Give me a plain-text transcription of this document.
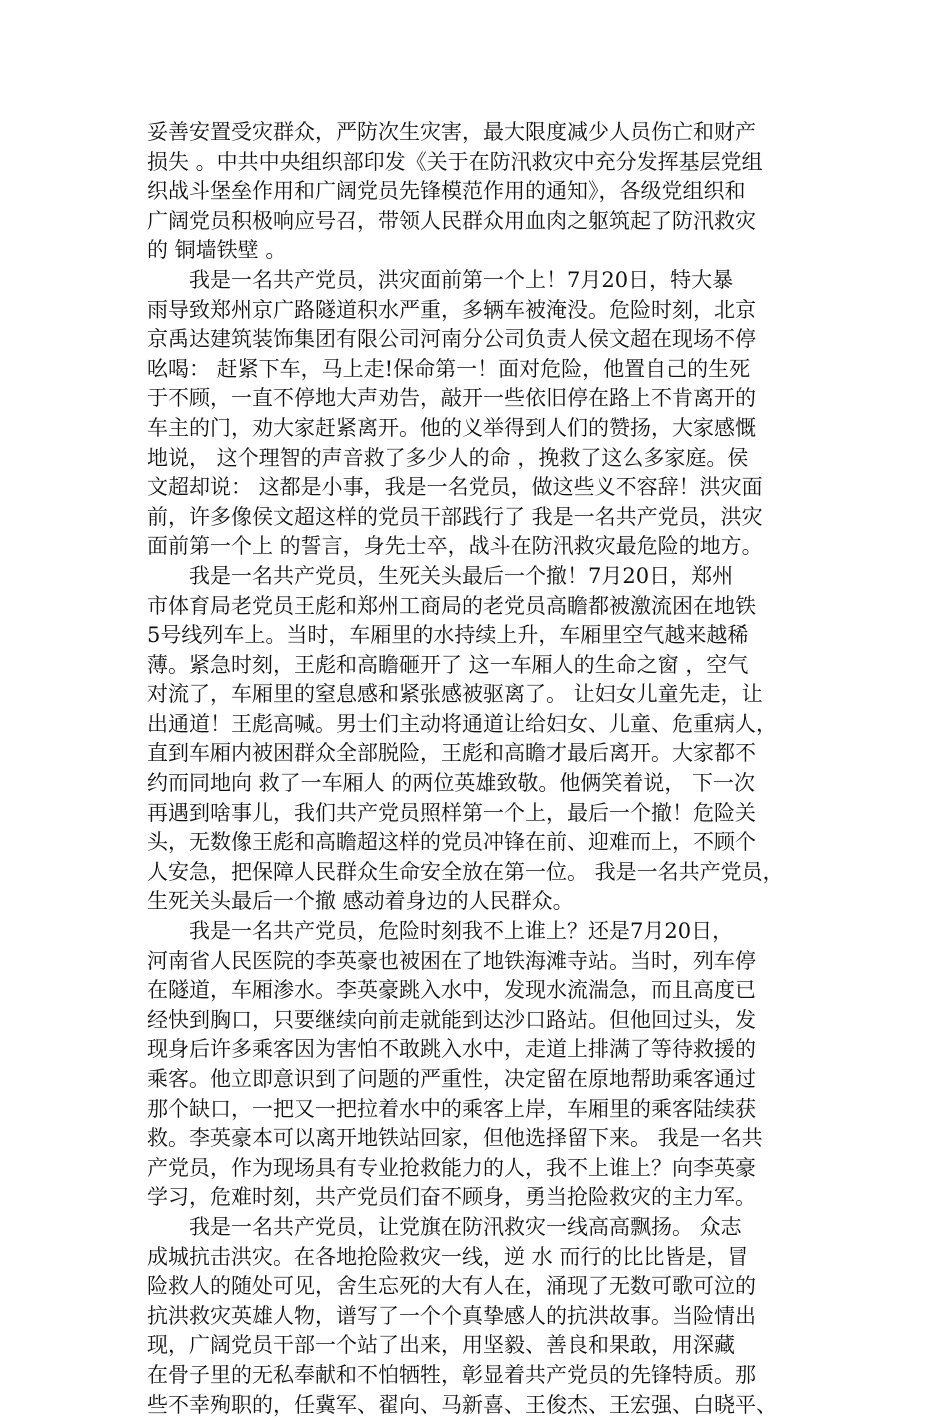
妥善安置受灾群众，严防次生灾害，最大限度减少人员伤亡和财产
损失 。中共中央组织部印发《关于在防汛救灾中充分发挥基层党组
织战斗堡垒作用和广阔党员先锋模范作用的通知》，各级党组织和
广阔党员积极响应号召，带领人民群众用血肉之躯筑起了防汛救灾
的 铜墙铁壁 。

我是一名共产党员，洪灾面前第一个上！7月20日，特大暴
雨导致郑州京广路隧道积水严重，多辆车被淹没。危险时刻，北京
京禹达建筑装饰集团有限公司河南分公司负责人侯文超在现场不停
吆喝： 赶紧下车，马上走!保命第一！面对危险，他置自己的生死
于不顾，一直不停地大声劝告，敲开一些依旧停在路上不肯离开的
车主的门，劝大家赶紧离开。他的义举得到人们的赞扬，大家感慨
地说， 这个理智的声音救了多少人的命 ，挽救了这么多家庭。侯
文超却说： 这都是小事，我是一名党员，做这些义不容辞！洪灾面
前，许多像侯文超这样的党员干部践行了 我是一名共产党员，洪灾
面前第一个上 的誓言，身先士卒，战斗在防汛救灾最危险的地方。

我是一名共产党员，生死关头最后一个撤！7月20日，郑州
市体育局老党员王彪和郑州工商局的老党员高瞻都被激流困在地铁
5号线列车上。当时，车厢里的水持续上升，车厢里空气越来越稀
薄。紧急时刻，王彪和高瞻砸开了 这一车厢人的生命之窗 ，空气
对流了，车厢里的窒息感和紧张感被驱离了。 让妇女儿童先走，让
出通道！王彪高喊。男士们主动将通道让给妇女、儿童、危重病人，
直到车厢内被困群众全部脱险，王彪和高瞻才最后离开。大家都不
约而同地向 救了一车厢人 的两位英雄致敬。他俩笑着说， 下一次
再遇到啥事儿，我们共产党员照样第一个上，最后一个撤！危险关
头，无数像王彪和高瞻超这样的党员冲锋在前、迎难而上，不顾个
人安急，把保障人民群众生命安全放在第一位。 我是一名共产党员，
生死关头最后一个撤 感动着身边的人民群众。

我是一名共产党员，危险时刻我不上谁上？还是7月20日，
河南省人民医院的李英豪也被困在了地铁海滩寺站。当时，列车停
在隧道，车厢渗水。李英豪跳入水中，发现水流湍急，而且高度已
经快到胸口，只要继续向前走就能到达沙口路站。但他回过头，发
现身后许多乘客因为害怕不敢跳入水中，走道上排满了等待救援的
乘客。他立即意识到了问题的严重性，决定留在原地帮助乘客通过
那个缺口，一把又一把拉着水中的乘客上岸，车厢里的乘客陆续获
救。李英豪本可以离开地铁站回家，但他选择留下来。 我是一名共
产党员，作为现场具有专业抢救能力的人，我不上谁上？向李英豪
学习，危难时刻，共产党员们奋不顾身，勇当抢险救灾的主力军。

我是一名共产党员，让党旗在防汛救灾一线高高飘扬。 众志
成城抗击洪灾。在各地抢险救灾一线，逆 水 而行的比比皆是，冒
险救人的随处可见，舍生忘死的大有人在，涌现了无数可歌可泣的
抗洪救灾英雄人物，谱写了一个个真挚感人的抗洪故事。当险情出
现，广阔党员干部一个站了出来，用坚毅、善良和果敢，用深藏
在骨子里的无私奉献和不怕牺牲，彰显着共产党员的先锋特质。那
些不幸殉职的，任冀军、翟向、马新喜、王俊杰、王宏强、白晓平、
